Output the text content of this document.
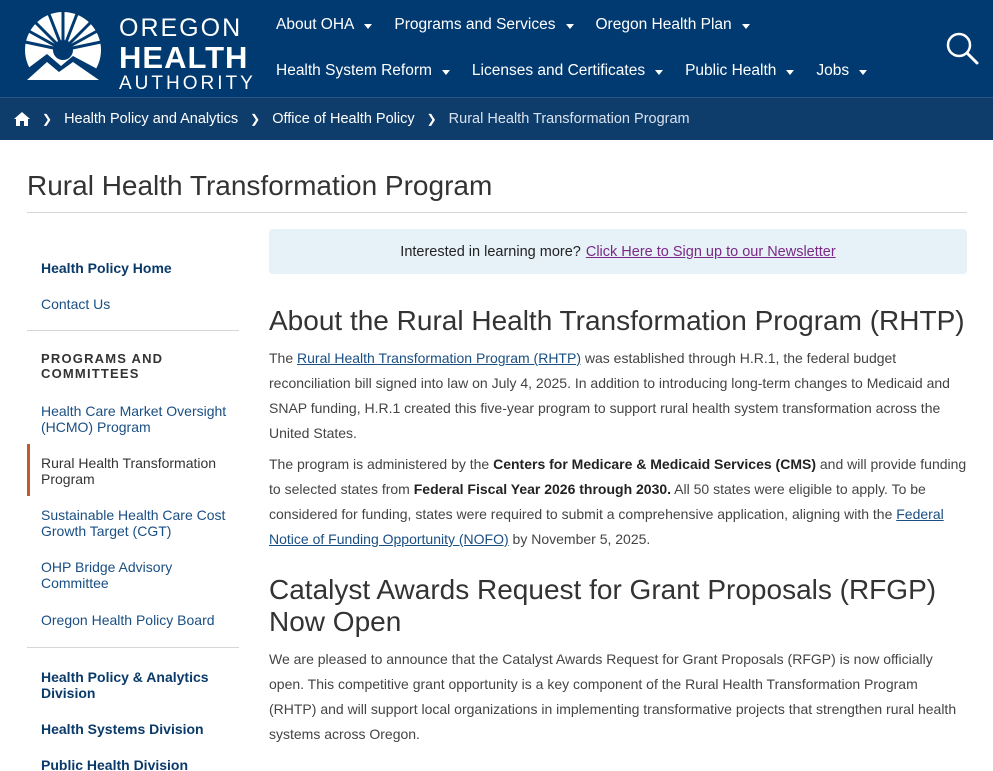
OREGON
HEALTH
AUTHORITY
About OHA	Programs and Services	Oregon Health Plan
Health System Reform	Licenses and Certificates	Public Health	Jobs
❯ Health Policy and Analytics ❯ Office of Health Policy ❯ Rural Health Transformation Program
Rural Health Transformation Program
Health Policy Home
Contact Us
PROGRAMS AND COMMITTEES
Health Care Market Oversight (HCMO) Program
Rural Health Transformation Program
Sustainable Health Care Cost Growth Target (CGT)
OHP Bridge Advisory Committee
Oregon Health Policy Board
Health Policy & Analytics Division
Health Systems Division
Public Health Division
Interested in learning more? Click Here to Sign up to our Newsletter
About the Rural Health Transformation Program (RHTP)

The Rural Health Transformation Program (RHTP) was established through H.R.1, the federal budget reconciliation bill signed into law on July 4, 2025. In addition to introducing long-term changes to Medicaid and SNAP funding, H.R.1 created this five-year program to support rural health system transformation across the United States.

The program is administered by the Centers for Medicare & Medicaid Services (CMS) and will provide funding to selected states from Federal Fiscal Year 2026 through 2030. All 50 states were eligible to apply. To be considered for funding, states were required to submit a comprehensive application, aligning with the Federal Notice of Funding Opportunity (NOFO) by November 5, 2025.

Catalyst Awards Request for Grant Proposals (RFGP)
Now Open

We are pleased to announce that the Catalyst Awards Request for Grant Proposals (RFGP) is now officially open. This competitive grant opportunity is a key component of the Rural Health Transformation Program (RHTP) and will support local organizations in implementing transformative projects that strengthen rural health systems across Oregon.
